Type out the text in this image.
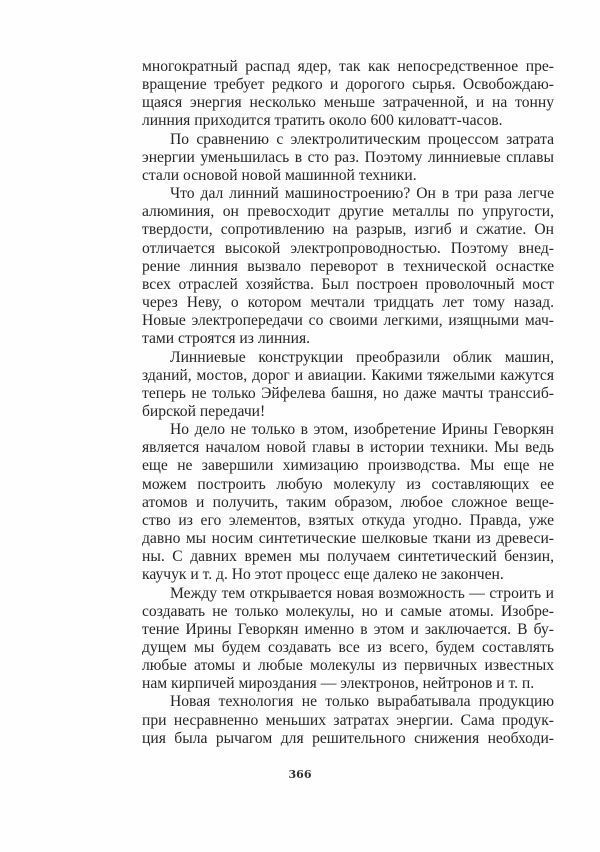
многократный распад ядер, так как непосредственное пре-
вращение требует редкого и дорогого сырья. Освобождаю-
щаяся энергия несколько меньше затраченной, и на тонну
линния приходится тратить около 600 киловатт-часов.
По сравнению с электролитическим процессом затрата
энергии уменьшилась в сто раз. Поэтому линниевые сплавы
стали основой новой машинной техники.
Что дал линний машиностроению? Он в три раза легче
алюминия, он превосходит другие металлы по упругости,
твердости, сопротивлению на разрыв, изгиб и сжатие. Он
отличается высокой электропроводностью. Поэтому внед-
рение линния вызвало переворот в технической оснастке
всех отраслей хозяйства. Был построен проволочный мост
через Неву, о котором мечтали тридцать лет тому назад.
Новые электропередачи со своими легкими, изящными мач-
тами строятся из линния.
Линниевые конструкции преобразили облик машин,
зданий, мостов, дорог и авиации. Какими тяжелыми кажутся
теперь не только Эйфелева башня, но даже мачты транссиб-
бирской передачи!
Но дело не только в этом, изобретение Ирины Геворкян
является началом новой главы в истории техники. Мы ведь
еще не завершили химизацию производства. Мы еще не
можем построить любую молекулу из составляющих ее
атомов и получить, таким образом, любое сложное веще-
ство из его элементов, взятых откуда угодно. Правда, уже
давно мы носим синтетические шелковые ткани из древеси-
ны. С давних времен мы получаем синтетический бензин,
каучук и т. д. Но этот процесс еще далеко не закончен.
Между тем открывается новая возможность — строить и
создавать не только молекулы, но и самые атомы. Изобре-
тение Ирины Геворкян именно в этом и заключается. В бу-
дущем мы будем создавать все из всего, будем составлять
любые атомы и любые молекулы из первичных известных
нам кирпичей мироздания — электронов, нейтронов и т. п.
Новая технология не только вырабатывала продукцию
при несравненно меньших затратах энергии. Сама продук-
ция была рычагом для решительного снижения необходи-
366
